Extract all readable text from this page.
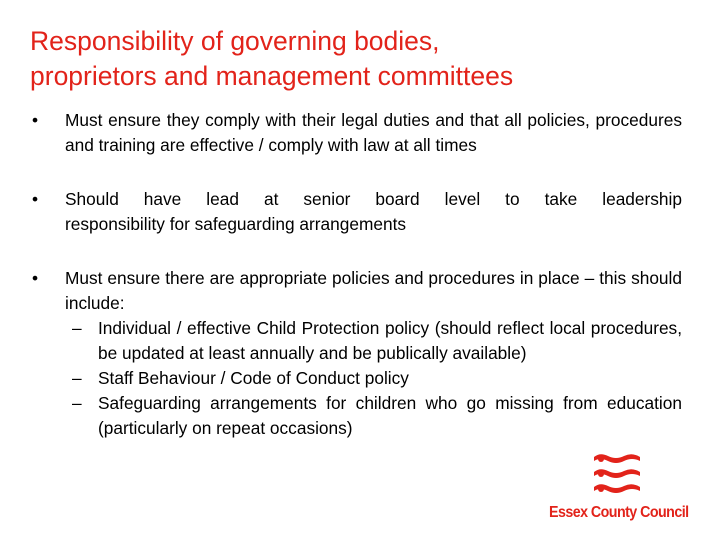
Responsibility of governing bodies,
proprietors and management committees
• Must ensure they comply with their legal duties and that all policies, procedures and training are effective / comply with law at all times
• Should have lead at senior board level to take leadership
responsibility for safeguarding arrangements
• Must ensure there are appropriate policies and procedures in place – this should include:
– Individual / effective Child Protection policy (should reflect local procedures, be updated at least annually and be publically available)
– Staff Behaviour / Code of Conduct policy
– Safeguarding arrangements for children who go missing from education (particularly on repeat occasions)
Essex County Council
